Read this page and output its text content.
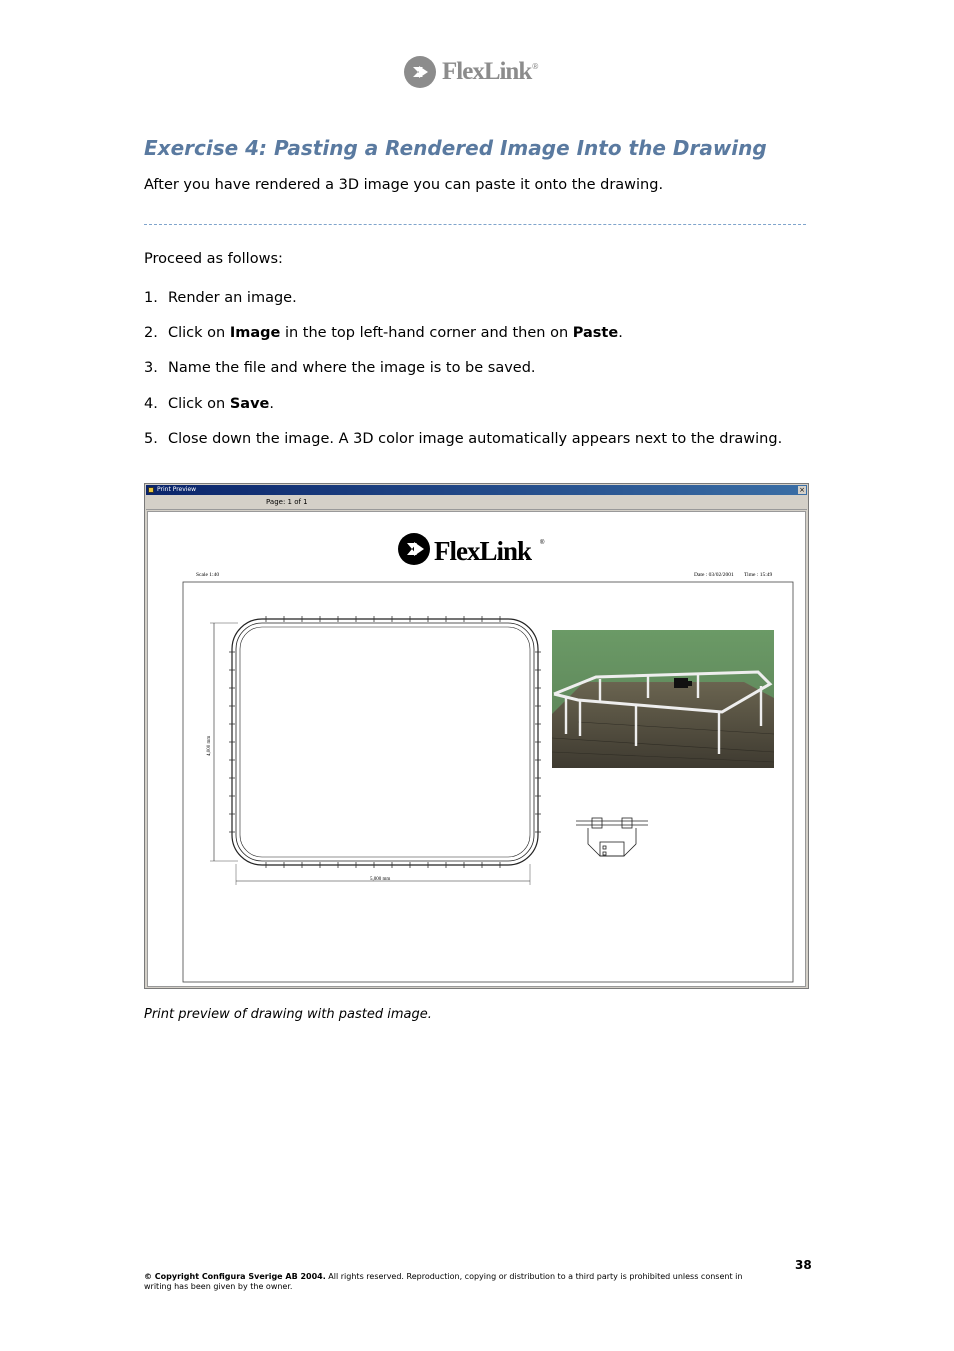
FlexLink ®
Exercise 4: Pasting a Rendered Image Into the Drawing
After you have rendered a 3D image you can paste it onto the drawing.
Proceed as follows:
1. Render an image.
2. Click on Image in the top left-hand corner and then on Paste.
3. Name the file and where the image is to be saved.
4. Click on Save.
5. Close down the image. A 3D color image automatically appears next to the drawing.
Print Preview	×
Page: 1 of 1
FlexLink ®
Scale 1:40	Date : 03/02/2001 Time : 15:49
4,000 mm
5,000 mm
Print preview of drawing with pasted image.
38
© Copyright Configura Sverige AB 2004. All rights reserved. Reproduction, copying or distribution to a third party is prohibited unless consent in writing has been given by the owner.
